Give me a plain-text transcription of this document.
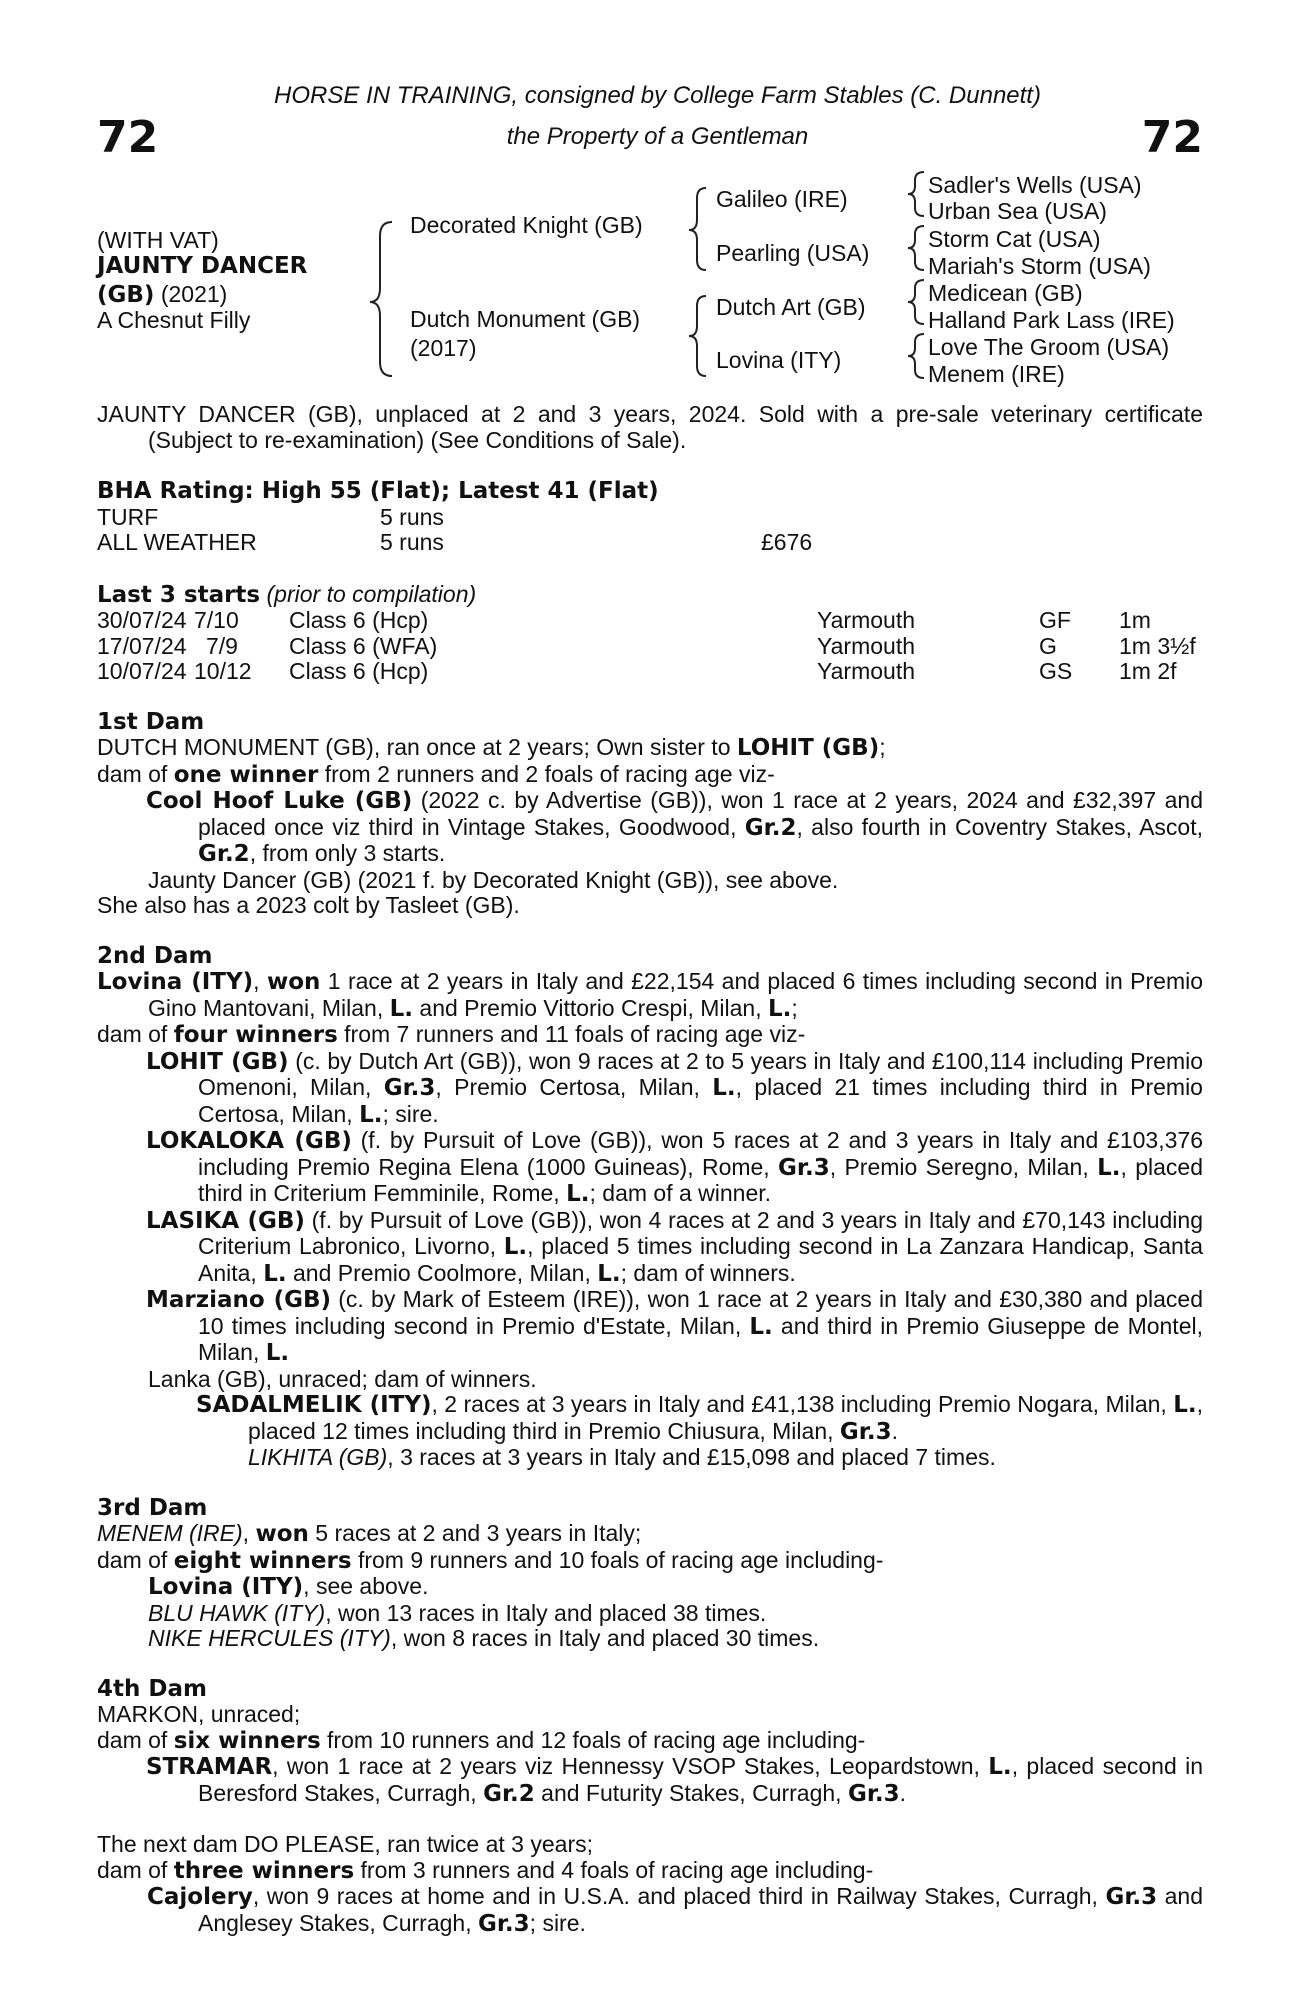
72	72
HORSE IN TRAINING, consigned by College Farm Stables (C. Dunnett)
the Property of a Gentleman
(WITH VAT)
JAUNTY DANCER
(GB) (2021)
A Chesnut Filly
Decorated Knight (GB)
Dutch Monument (GB)
(2017)
Galileo (IRE)
Pearling (USA)
Dutch Art (GB)
Lovina (ITY)
Sadler's Wells (USA)
Urban Sea (USA)
Storm Cat (USA)
Mariah's Storm (USA)
Medicean (GB)
Halland Park Lass (IRE)
Love The Groom (USA)
Menem (IRE)

JAUNTY DANCER (GB), unplaced at 2 and 3 years, 2024. Sold with a pre-sale veterinary certificate (Subject to re-examination) (See Conditions of Sale).

BHA Rating: High 55 (Flat); Latest 41 (Flat)

TURF	5 runs
ALL WEATHER	5 runs	£676

Last 3 starts (prior to compilation)

30/07/24 7/10 Class 6 (Hcp)	Yarmouth	GF 1m
17/07/24 7/9 Class 6 (WFA)	Yarmouth	G	1m 3½f
10/07/24 10/12 Class 6 (Hcp)	Yarmouth	GS 1m 2f

1st Dam

DUTCH MONUMENT (GB), ran once at 2 years; Own sister to LOHIT (GB);

dam of one winner from 2 runners and 2 foals of racing age viz-

Cool Hoof Luke (GB) (2022 c. by Advertise (GB)), won 1 race at 2 years, 2024 and £32,397 and placed once viz third in Vintage Stakes, Goodwood, Gr.2, also fourth in Coventry Stakes, Ascot, Gr.2, from only 3 starts.

Jaunty Dancer (GB) (2021 f. by Decorated Knight (GB)), see above.

She also has a 2023 colt by Tasleet (GB).

2nd Dam

Lovina (ITY), won 1 race at 2 years in Italy and £22,154 and placed 6 times including second in Premio Gino Mantovani, Milan, L. and Premio Vittorio Crespi, Milan, L.;

dam of four winners from 7 runners and 11 foals of racing age viz-

LOHIT (GB) (c. by Dutch Art (GB)), won 9 races at 2 to 5 years in Italy and £100,114 including Premio Omenoni, Milan, Gr.3, Premio Certosa, Milan, L., placed 21 times including third in Premio Certosa, Milan, L.; sire.

LOKALOKA (GB) (f. by Pursuit of Love (GB)), won 5 races at 2 and 3 years in Italy and £103,376 including Premio Regina Elena (1000 Guineas), Rome, Gr.3, Premio Seregno, Milan, L., placed third in Criterium Femminile, Rome, L.; dam of a winner.

LASIKA (GB) (f. by Pursuit of Love (GB)), won 4 races at 2 and 3 years in Italy and £70,143 including Criterium Labronico, Livorno, L., placed 5 times including second in La Zanzara Handicap, Santa Anita, L. and Premio Coolmore, Milan, L.; dam of winners.

Marziano (GB) (c. by Mark of Esteem (IRE)), won 1 race at 2 years in Italy and £30,380 and placed 10 times including second in Premio d'Estate, Milan, L. and third in Premio Giuseppe de Montel, Milan, L.

Lanka (GB), unraced; dam of winners.

SADALMELIK (ITY), 2 races at 3 years in Italy and £41,138 including Premio Nogara, Milan, L., placed 12 times including third in Premio Chiusura, Milan, Gr.3.

LIKHITA (GB), 3 races at 3 years in Italy and £15,098 and placed 7 times.

3rd Dam

MENEM (IRE), won 5 races at 2 and 3 years in Italy;

dam of eight winners from 9 runners and 10 foals of racing age including-

Lovina (ITY), see above.

BLU HAWK (ITY), won 13 races in Italy and placed 38 times.

NIKE HERCULES (ITY), won 8 races in Italy and placed 30 times.

4th Dam

MARKON, unraced;

dam of six winners from 10 runners and 12 foals of racing age including-

STRAMAR, won 1 race at 2 years viz Hennessy VSOP Stakes, Leopardstown, L., placed second in Beresford Stakes, Curragh, Gr.2 and Futurity Stakes, Curragh, Gr.3.

The next dam DO PLEASE, ran twice at 3 years;

dam of three winners from 3 runners and 4 foals of racing age including-

Cajolery, won 9 races at home and in U.S.A. and placed third in Railway Stakes, Curragh, Gr.3 and Anglesey Stakes, Curragh, Gr.3; sire.
